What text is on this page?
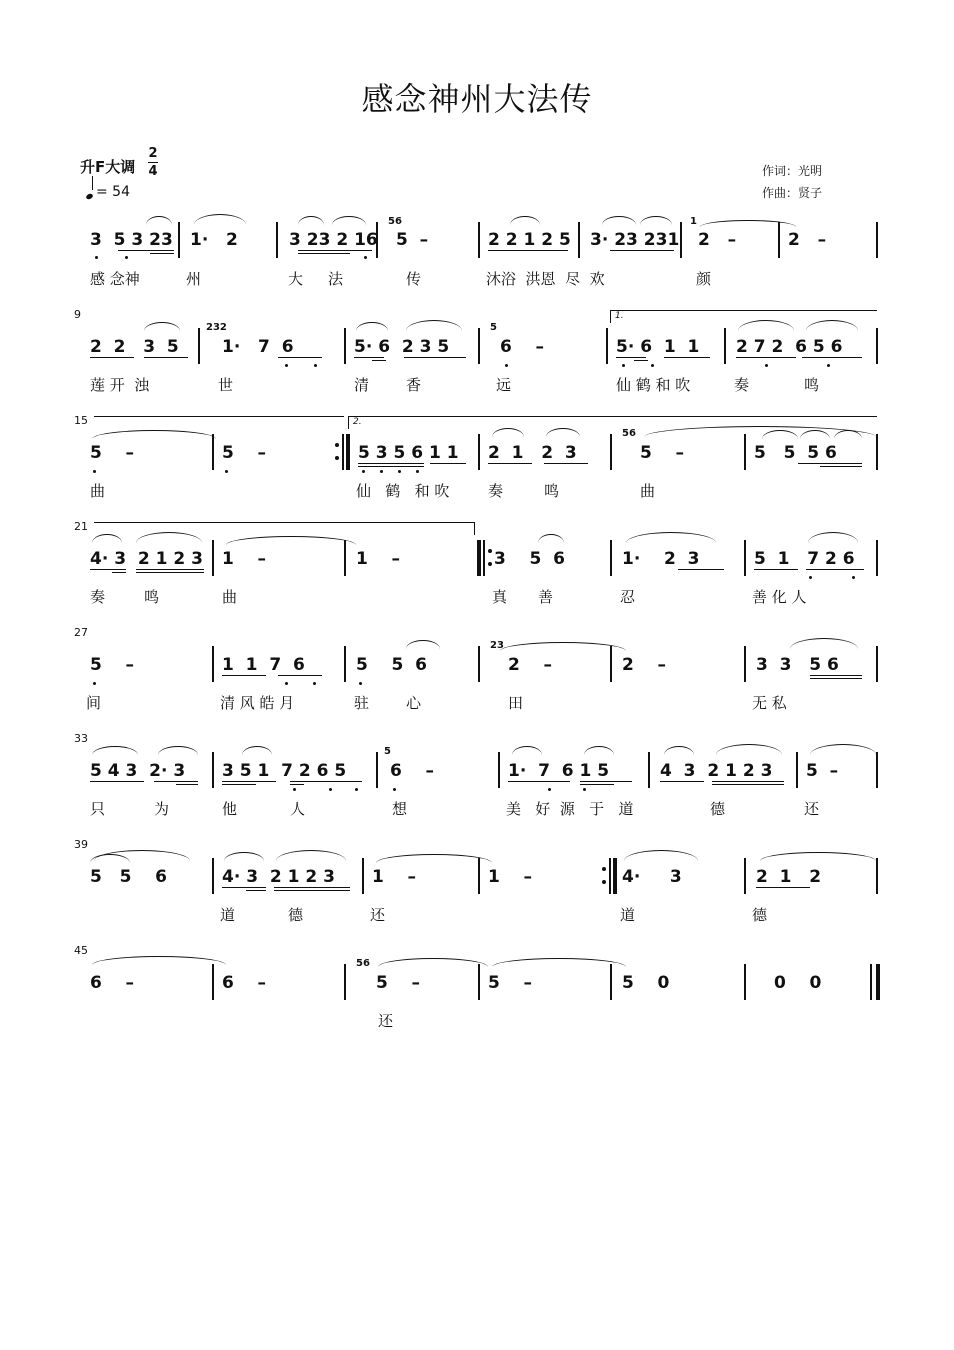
感念神州大法传
升F大调
2
4
= 54
作词：光明
作曲：贤子
3  5 3 23 1·   2	3 23 2 16 5  –	2 2 1 2 5 3· 23 231 2   –	2   –
56	1
感 念神	州	大 法	传	沐浴  洪恩  尽  欢	颜
9	1.
2  2   3  5	1·   7  6	5· 6  2 3 5	6    –	5· 6  1  1 2 7 2  6 5 6
232	5
莲 开  浊	世	清 香	远	仙 鹤 和 吹	奏	鸣
15	2.
5    –	5    –	5 3 5 6 1 1 2  1   2  3	5    –	5   5  5 6
56
曲	仙   鹤   和 吹	奏	鸣	曲
21
4· 3  2 1 2 3 1    –	1    –	3    5  6	1·    2  3	5  1   7 2 6
奏	鸣	曲	真 善	忍	善 化 人
27
5    –	1  1  7  6	5    5  6	2    –	2    –	3  3   5 6
23
间	清 风 皓 月	驻 心	田	无 私
33
5 4 3  2· 3 3 5 1  7 2 6 5	6    –	1·  7  6 1 5	4  3  2 1 2 3 5  –
5
只	为	他	人	想	美   好  源   于   道	德	还
39
5   5    6	4· 3  2 1 2 3 1    –	1    –	4·     3	2  1   2
道	德	还	道	德
45
6    –	6    –	5    –	5    –	5    0	0    0
56
还
